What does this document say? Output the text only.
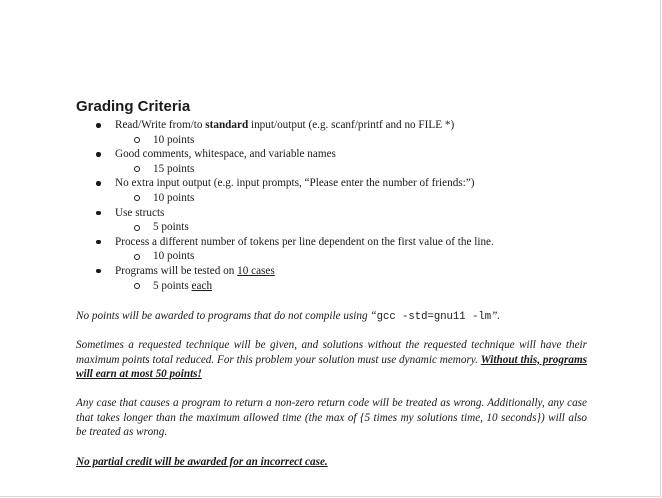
Grading Criteria
Read/Write from/to standard input/output (e.g. scanf/printf and no FILE *)
10 points
Good comments, whitespace, and variable names
15 points
No extra input output (e.g. input prompts, “Please enter the number of friends:”)
10 points
Use structs
5 points
Process a different number of tokens per line dependent on the first value of the line.
10 points
Programs will be tested on 10 cases
5 points each

No points will be awarded to programs that do not compile using “gcc -std=gnu11 -lm”.

Sometimes a requested technique will be given, and solutions without the requested technique will have their maximum points total reduced. For this problem your solution must use dynamic memory. Without this, programs will earn at most 50 points!

Any case that causes a program to return a non-zero return code will be treated as wrong. Additionally, any case that takes longer than the maximum allowed time (the max of {5 times my solutions time, 10 seconds}) will also be treated as wrong.

No partial credit will be awarded for an incorrect case.
